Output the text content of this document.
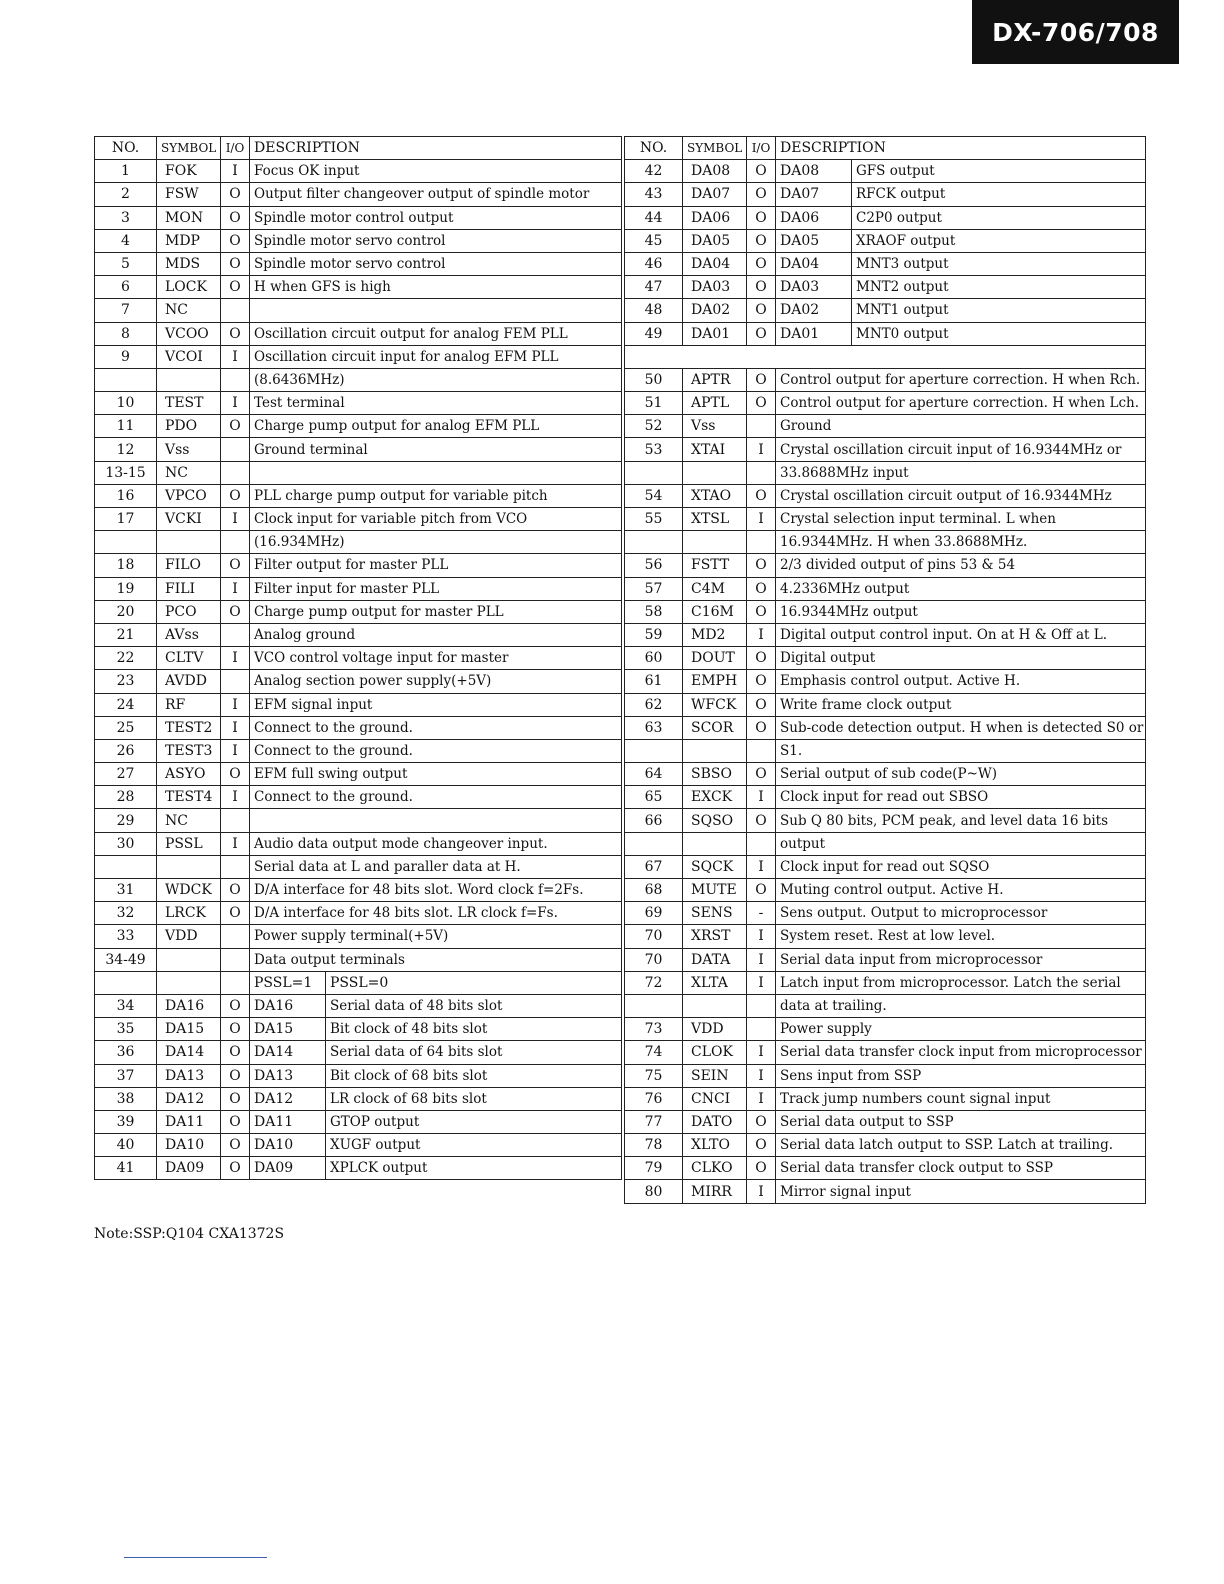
DX-706/708
NO.	SYMBOL	I/O	DESCRIPTION	
1	FOK	I	Focus OK input	
2	FSW	O	Output filter changeover output of spindle motor	
3	MON	O	Spindle motor control output	
4	MDP	O	Spindle motor servo control	
5	MDS	O	Spindle motor servo control	
6	LOCK	O	H when GFS is high	
7	NC			
8	VCOO	O	Oscillation circuit output for analog FEM PLL	
9	VCOI	I	Oscillation circuit input for analog EFM PLL	
			(8.6436MHz)	
10	TEST	I	Test terminal	
11	PDO	O	Charge pump output for analog EFM PLL	
12	Vss		Ground terminal	
13-15	NC			
16	VPCO	O	PLL charge pump output for variable pitch	
17	VCKI	I	Clock input for variable pitch from VCO	
			(16.934MHz)	
18	FILO	O	Filter output for master PLL	
19	FILI	I	Filter input for master PLL	
20	PCO	O	Charge pump output for master PLL	
21	AVss		Analog ground	
22	CLTV	I	VCO control voltage input for master	
23	AVDD		Analog section power supply(+5V)	
24	RF	I	EFM signal input	
25	TEST2	I	Connect to the ground.	
26	TEST3	I	Connect to the ground.	
27	ASYO	O	EFM full swing output	
28	TEST4	I	Connect to the ground.	
29	NC			
30	PSSL	I	Audio data output mode changeover input.	
			Serial data at L and paraller data at H.	
31	WDCK	O	D/A interface for 48 bits slot. Word clock f=2Fs.	
32	LRCK	O	D/A interface for 48 bits slot. LR clock f=Fs.	
33	VDD		Power supply terminal(+5V)	
34-49			Data output terminals	
			PSSL=1	PSSL=0
34	DA16	O	DA16	Serial data of 48 bits slot
35	DA15	O	DA15	Bit clock of 48 bits slot
36	DA14	O	DA14	Serial data of 64 bits slot
37	DA13	O	DA13	Bit clock of 68 bits slot
38	DA12	O	DA12	LR clock of 68 bits slot
39	DA11	O	DA11	GTOP output
40	DA10	O	DA10	XUGF output
41	DA09	O	DA09	XPLCK output
NO.	SYMBOL	I/O	DESCRIPTION	
42	DA08	O	DA08	GFS output
43	DA07	O	DA07	RFCK output
44	DA06	O	DA06	C2P0 output
45	DA05	O	DA05	XRAOF output
46	DA04	O	DA04	MNT3 output
47	DA03	O	DA03	MNT2 output
48	DA02	O	DA02	MNT1 output
49	DA01	O	DA01	MNT0 output

50	APTR	O	Control output for aperture correction. H when Rch.	
51	APTL	O	Control output for aperture correction. H when Lch.	
52	Vss		Ground	
53	XTAI	I	Crystal oscillation circuit input of 16.9344MHz or	
			33.8688MHz input	
54	XTAO	O	Crystal oscillation circuit output of 16.9344MHz	
55	XTSL	I	Crystal selection input terminal. L when	
			16.9344MHz. H when 33.8688MHz.	
56	FSTT	O	2/3 divided output of pins 53 & 54	
57	C4M	O	4.2336MHz output	
58	C16M	O	16.9344MHz output	
59	MD2	I	Digital output control input. On at H & Off at L.	
60	DOUT	O	Digital output	
61	EMPH	O	Emphasis control output. Active H.	
62	WFCK	O	Write frame clock output	
63	SCOR	O	Sub-code detection output. H when is detected S0 or	
			S1.	
64	SBSO	O	Serial output of sub code(P~W)	
65	EXCK	I	Clock input for read out SBSO	
66	SQSO	O	Sub Q 80 bits, PCM peak, and level data 16 bits	
			output	
67	SQCK	I	Clock input for read out SQSO	
68	MUTE	O	Muting control output. Active H.	
69	SENS	-	Sens output. Output to microprocessor	
70	XRST	I	System reset. Rest at low level.	
70	DATA	I	Serial data input from microprocessor	
72	XLTA	I	Latch input from microprocessor. Latch the serial	
			data at trailing.	
73	VDD		Power supply	
74	CLOK	I	Serial data transfer clock input from microprocessor	
75	SEIN	I	Sens input from SSP	
76	CNCI	I	Track jump numbers count signal input	
77	DATO	O	Serial data output to SSP	
78	XLTO	O	Serial data latch output to SSP. Latch at trailing.	
79	CLKO	O	Serial data transfer clock output to SSP	
80	MIRR	I	Mirror signal input	
Note:SSP:Q104 CXA1372S
